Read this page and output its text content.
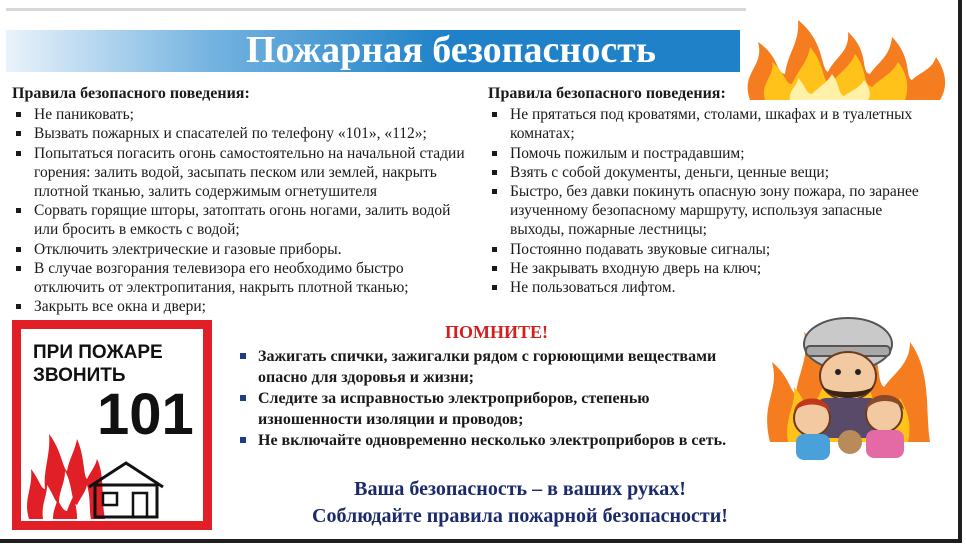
Пожарная безопасность
Правила безопасного поведения:
Не паниковать;
Вызвать пожарных и спасателей по телефону «101», «112»;
Попытаться погасить огонь самостоятельно на начальной стадии горения: залить водой, засыпать песком или землей, накрыть плотной тканью, залить содержимым огнетушителя
Сорвать горящие шторы, затоптать огонь ногами, залить водой или бросить в емкость с водой;
Отключить электрические и газовые приборы.
В случае возгорания телевизора его необходимо быстро отключить от электропитания, накрыть плотной тканью;
Закрыть все окна и двери;
Правила безопасного поведения:
Не прятаться под кроватями, столами, шкафах и в туалетных комнатах;
Помочь пожилым и пострадавшим;
Взять с собой документы, деньги, ценные вещи;
Быстро, без давки покинуть опасную зону пожара, по заранее изученному безопасному маршруту, используя запасные выходы, пожарные лестницы;
Постоянно подавать звуковые сигналы;
Не закрывать входную дверь на ключ;
Не пользоваться лифтом.
ПРИ ПОЖАРЕ
ЗВОНИТЬ
101
ПОМНИТЕ!
Зажигать спички, зажигалки рядом с горюющими веществами опасно для здоровья и жизни;
Следите за исправностью электроприборов, степенью изношенности изоляции и проводов;
Не включайте одновременно несколько электроприборов в сеть.
Ваша безопасность – в ваших руках!
Соблюдайте правила пожарной безопасности!
